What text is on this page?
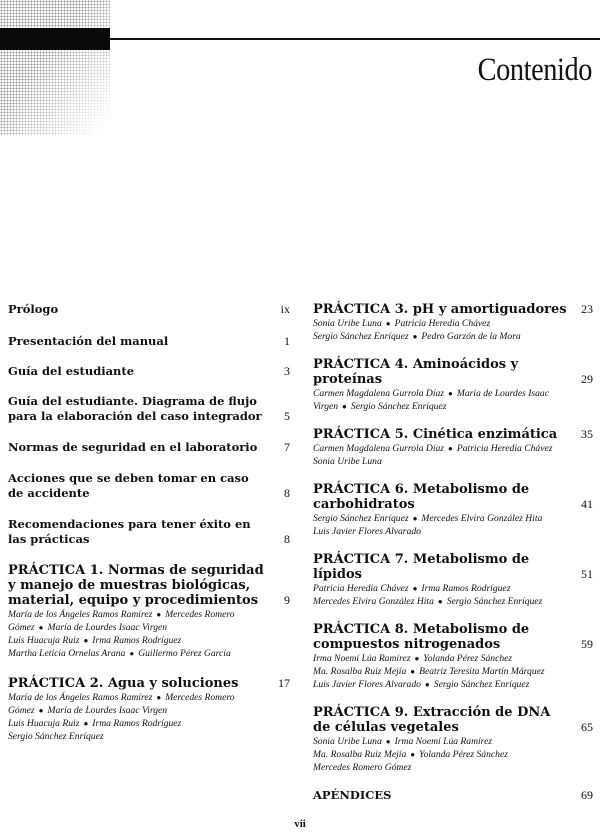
Contenido
Prólogo	ix
Presentación del manual	1
Guía del estudiante	3
Guía del estudiante. Diagrama de flujo para la elaboración del caso integrador	5
Normas de seguridad en el laboratorio	7
Acciones que se deben tomar en caso de accidente	8
Recomendaciones para tener éxito en las prácticas	8
PRÁCTICA 1. Normas de seguridad y manejo de muestras biológicas, material, equipo y procedimientos	9
María de los Ángeles Ramos Ramírez ● Mercedes Romero Gómez ● María de Lourdes Isaac Virgen
Luis Huacuja Ruiz ● Irma Ramos Rodríguez
Martha Leticia Ornelas Arana ● Guillermo Pérez García
PRÁCTICA 2. Agua y soluciones	17
María de los Ángeles Ramos Ramírez ● Mercedes Romero Gómez ● María de Lourdes Isaac Virgen
Luis Huacuja Ruiz ● Irma Ramos Rodríguez
Sergio Sánchez Enríquez
PRÁCTICA 3. pH y amortiguadores	23
Sonia Uribe Luna ● Patricia Heredia Chávez
Sergio Sánchez Enríquez ● Pedro Garzón de la Mora
PRÁCTICA 4. Aminoácidos y proteínas	29
Carmen Magdalena Gurrola Díaz ● María de Lourdes Isaac Virgen ● Sergio Sánchez Enríquez
PRÁCTICA 5. Cinética enzimática	35
Carmen Magdalena Gurrola Díaz ● Patricia Heredia Chávez
Sonia Uribe Luna
PRÁCTICA 6. Metabolismo de carbohidratos	41
Sergio Sánchez Enríquez ● Mercedes Elvira González Hita
Luis Javier Flores Alvarado
PRÁCTICA 7. Metabolismo de lípidos	51
Patricia Heredia Chávez ● Irma Ramos Rodríguez
Mercedes Elvira González Hita ● Sergio Sánchez Enríquez
PRÁCTICA 8. Metabolismo de compuestos nitrogenados	59
Irma Noemí Lúa Ramírez ● Yolanda Pérez Sánchez
Ma. Rosalba Ruiz Mejía ● Beatriz Teresita Martín Márquez
Luis Javier Flores Alvarado ● Sergio Sánchez Enríquez
PRÁCTICA 9. Extracción de DNA de células vegetales	65
Sonia Uribe Luna ● Irma Noemí Lúa Ramírez
Ma. Rosalba Ruiz Mejía ● Yolanda Pérez Sánchez
Mercedes Romero Gómez
APÉNDICES	69
vii
